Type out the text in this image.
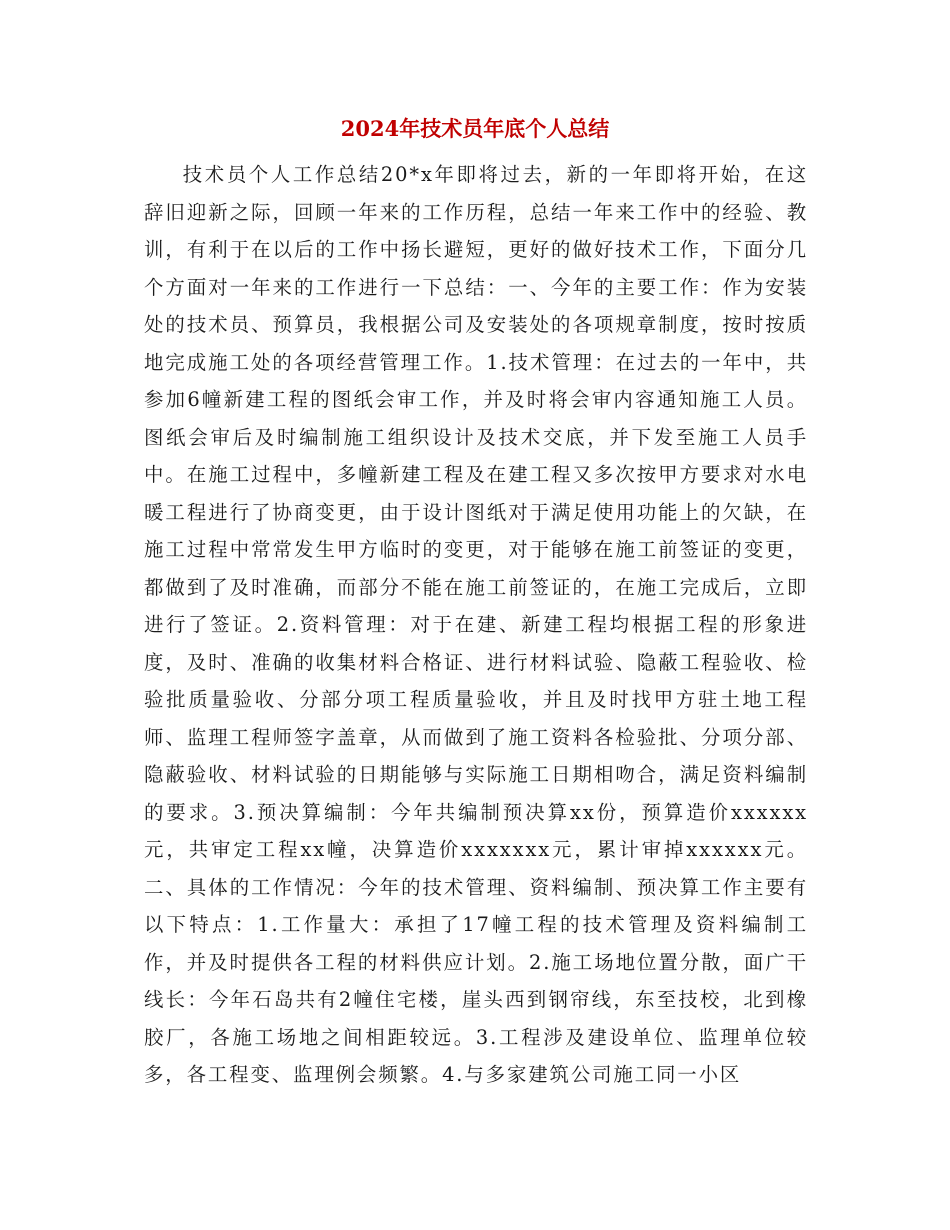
2024年技术员年底个人总结

技术员个人工作总结20*x年即将过去，新的一年即将开始，在这辞旧迎新之际，回顾一年来的工作历程，总结一年来工作中的经验、教训，有利于在以后的工作中扬长避短，更好的做好技术工作，下面分几个方面对一年来的工作进行一下总结：一、今年的主要工作：作为安装处的技术员、预算员，我根据公司及安装处的各项规章制度，按时按质地完成施工处的各项经营管理工作。1.技术管理：在过去的一年中，共参加6幢新建工程的图纸会审工作，并及时将会审内容通知施工人员。图纸会审后及时编制施工组织设计及技术交底，并下发至施工人员手中。在施工过程中，多幢新建工程及在建工程又多次按甲方要求对水电暖工程进行了协商变更，由于设计图纸对于满足使用功能上的欠缺，在施工过程中常常发生甲方临时的变更，对于能够在施工前签证的变更，都做到了及时准确，而部分不能在施工前签证的，在施工完成后，立即进行了签证。2.资料管理：对于在建、新建工程均根据工程的形象进度，及时、准确的收集材料合格证、进行材料试验、隐蔽工程验收、检验批质量验收、分部分项工程质量验收，并且及时找甲方驻土地工程师、监理工程师签字盖章，从而做到了施工资料各检验批、分项分部、隐蔽验收、材料试验的日期能够与实际施工日期相吻合，满足资料编制的要求。3.预决算编制：今年共编制预决算xx份，预算造价xxxxxx元，共审定工程xx幢，决算造价xxxxxxx元，累计审掉xxxxxx元。二、具体的工作情况：今年的技术管理、资料编制、预决算工作主要有以下特点：1.工作量大：承担了17幢工程的技术管理及资料编制工作，并及时提供各工程的材料供应计划。2.施工场地位置分散，面广干线长：今年石岛共有2幢住宅楼，崖头西到钢帘线，东至技校，北到橡胶厂，各施工场地之间相距较远。3.工程涉及建设单位、监理单位较多，各工程变、监理例会频繁。4.与多家建筑公司施工同一小区
